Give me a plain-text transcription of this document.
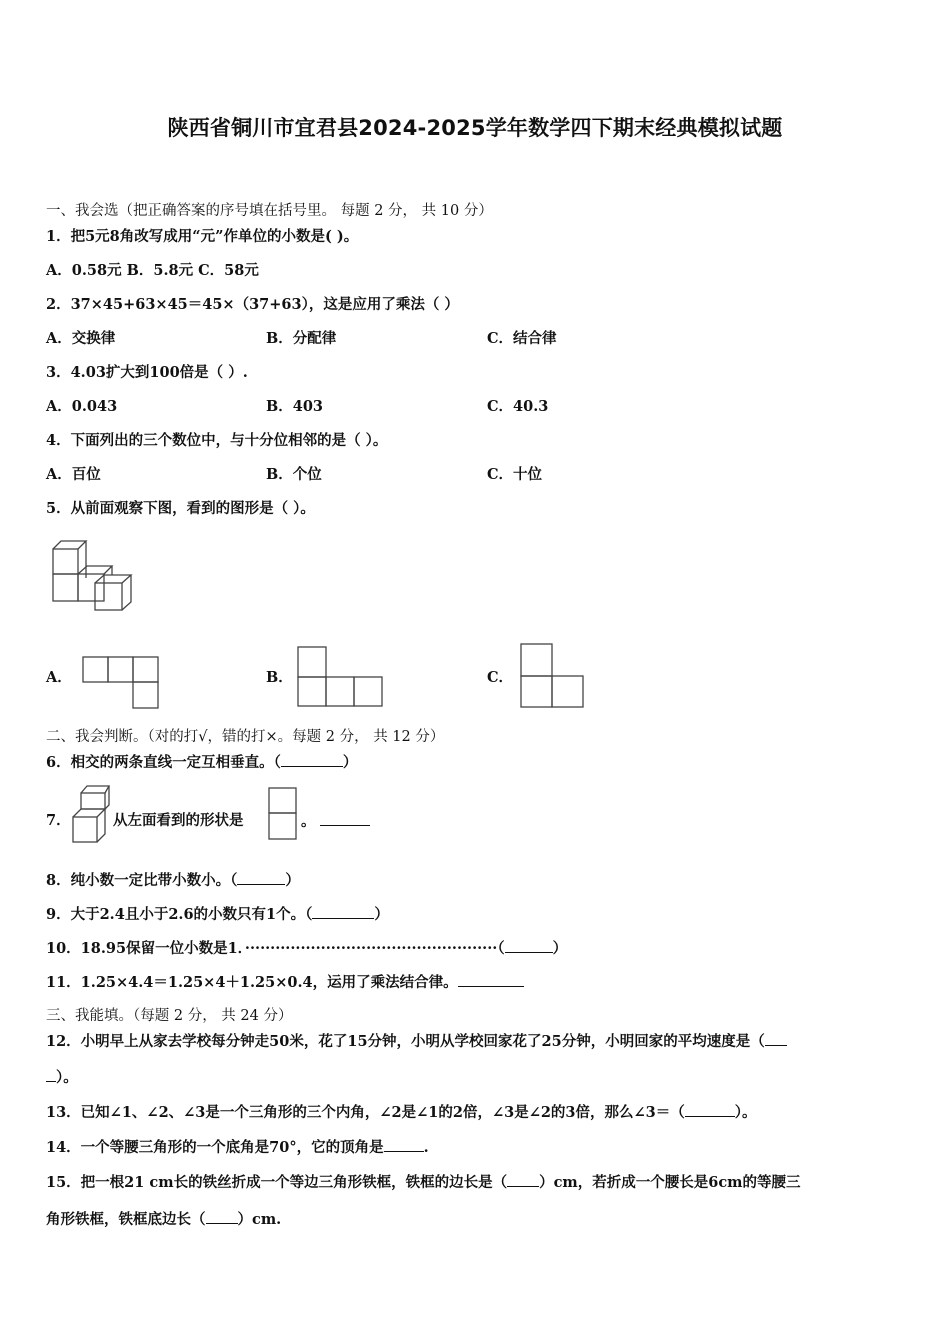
陕西省铜川市宜君县2024-2025学年数学四下期末经典模拟试题
一、我会选（把正确答案的序号填在括号里。 每题 2 分， 共 10 分）
1．把5元8角改写成用“元”作单位的小数是( )。
A．0.58元 B．5.8元 C．58元
2．37×45+63×45＝45×（37+63），这是应用了乘法（ ）
A．交换律	B．分配律	C．结合律
3．4.03扩大到100倍是（ ）.
A．0.043	B．403	C．40.3
4．下面列出的三个数位中，与十分位相邻的是（ ）。
A．百位	B．个位	C．十位
5．从前面观察下图，看到的图形是（ ）。
A．	B．	C．
二、我会判断。（对的打√，错的打×。每题 2 分， 共 12 分）
6．相交的两条直线一定互相垂直。（	）
7．	从左面看到的形状是	。
8．纯小数一定比带小数小。（	）
9．大于2.4且小于2.6的小数只有1个。（	）
10．18.95保留一位小数是1．··················································（	）
11．1.25×4.4＝1.25×4＋1.25×0.4，运用了乘法结合律。
三、我能填。（每题 2 分， 共 24 分）
12．小明早上从家去学校每分钟走50米，花了15分钟，小明从学校回家花了25分钟，小明回家的平均速度是（
）。
13．已知∠1、∠2、∠3是一个三角形的三个内角，∠2是∠1的2倍，∠3是∠2的3倍，那么∠3＝（	）。
14．一个等腰三角形的一个底角是70°，它的顶角是	.
15．把一根21 cm长的铁丝折成一个等边三角形铁框，铁框的边长是（ ）cm，若折成一个腰长是6cm的等腰三
角形铁框，铁框底边长（ ）cm.
